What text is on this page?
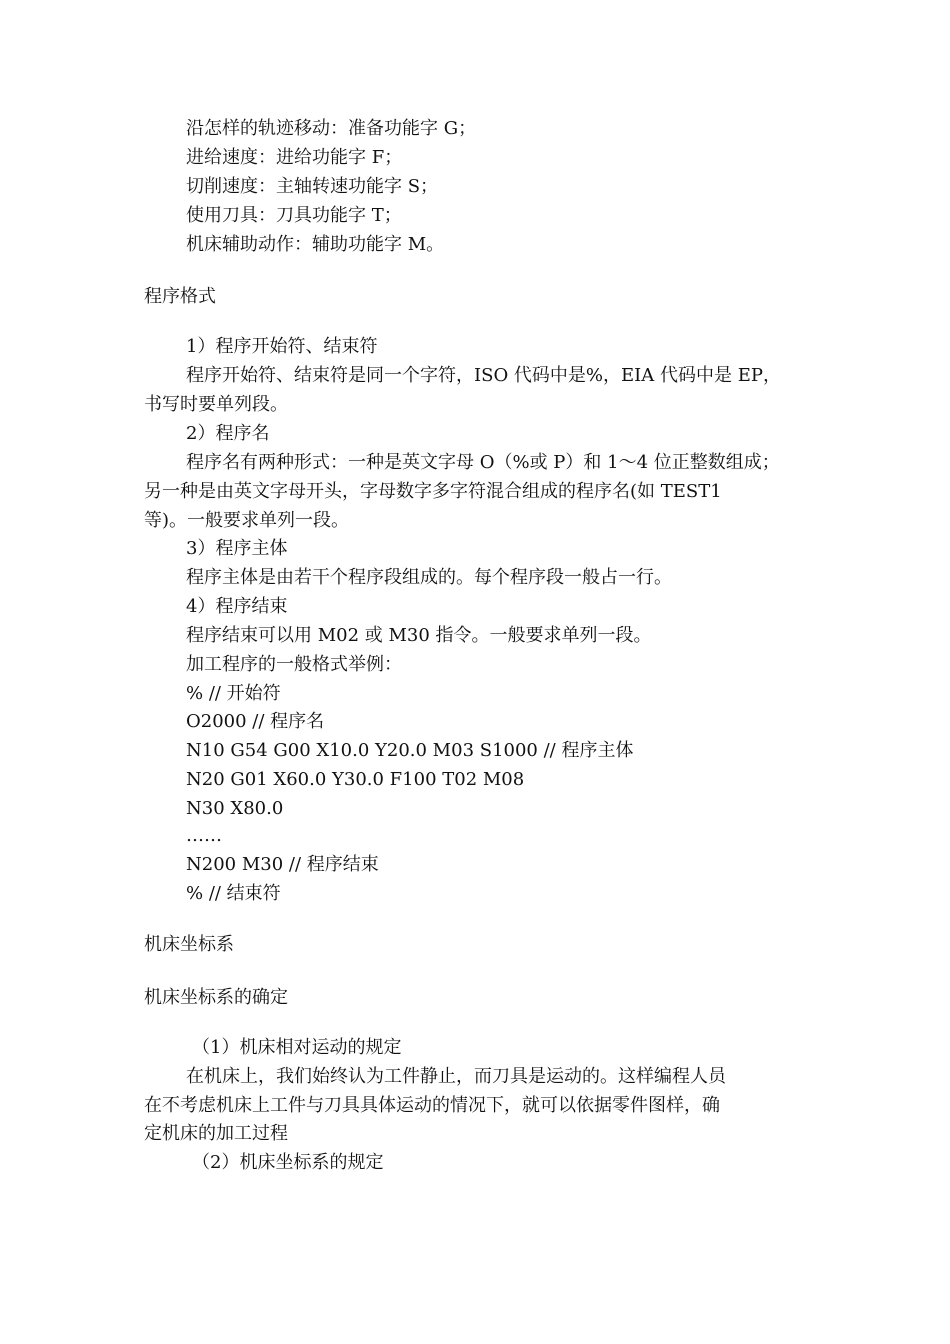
沿怎样的轨迹移动：准备功能字 G；

进给速度：进给功能字 F；

切削速度：主轴转速功能字 S；

使用刀具：刀具功能字 T；

机床辅助动作：辅助功能字 M。

程序格式

1）程序开始符、结束符

程序开始符、结束符是同一个字符，ISO 代码中是%，EIA 代码中是 EP，

书写时要单列段。

2）程序名

程序名有两种形式：一种是英文字母 O（%或 P）和 1～4 位正整数组成；

另一种是由英文字母开头，字母数字多字符混合组成的程序名(如 TEST1

等)。一般要求单列一段。

3）程序主体

程序主体是由若干个程序段组成的。每个程序段一般占一行。

4）程序结束

程序结束可以用 M02 或 M30 指令。一般要求单列一段。

加工程序的一般格式举例：

% // 开始符

O2000 // 程序名

N10 G54 G00 X10.0 Y20.0 M03 S1000 // 程序主体

N20 G01 X60.0 Y30.0 F100 T02 M08

N30 X80.0

……

N200 M30 // 程序结束

% // 结束符

机床坐标系

机床坐标系的确定

（1）机床相对运动的规定

在机床上，我们始终认为工件静止，而刀具是运动的。这样编程人员

在不考虑机床上工件与刀具具体运动的情况下，就可以依据零件图样，确

定机床的加工过程

（2）机床坐标系的规定
